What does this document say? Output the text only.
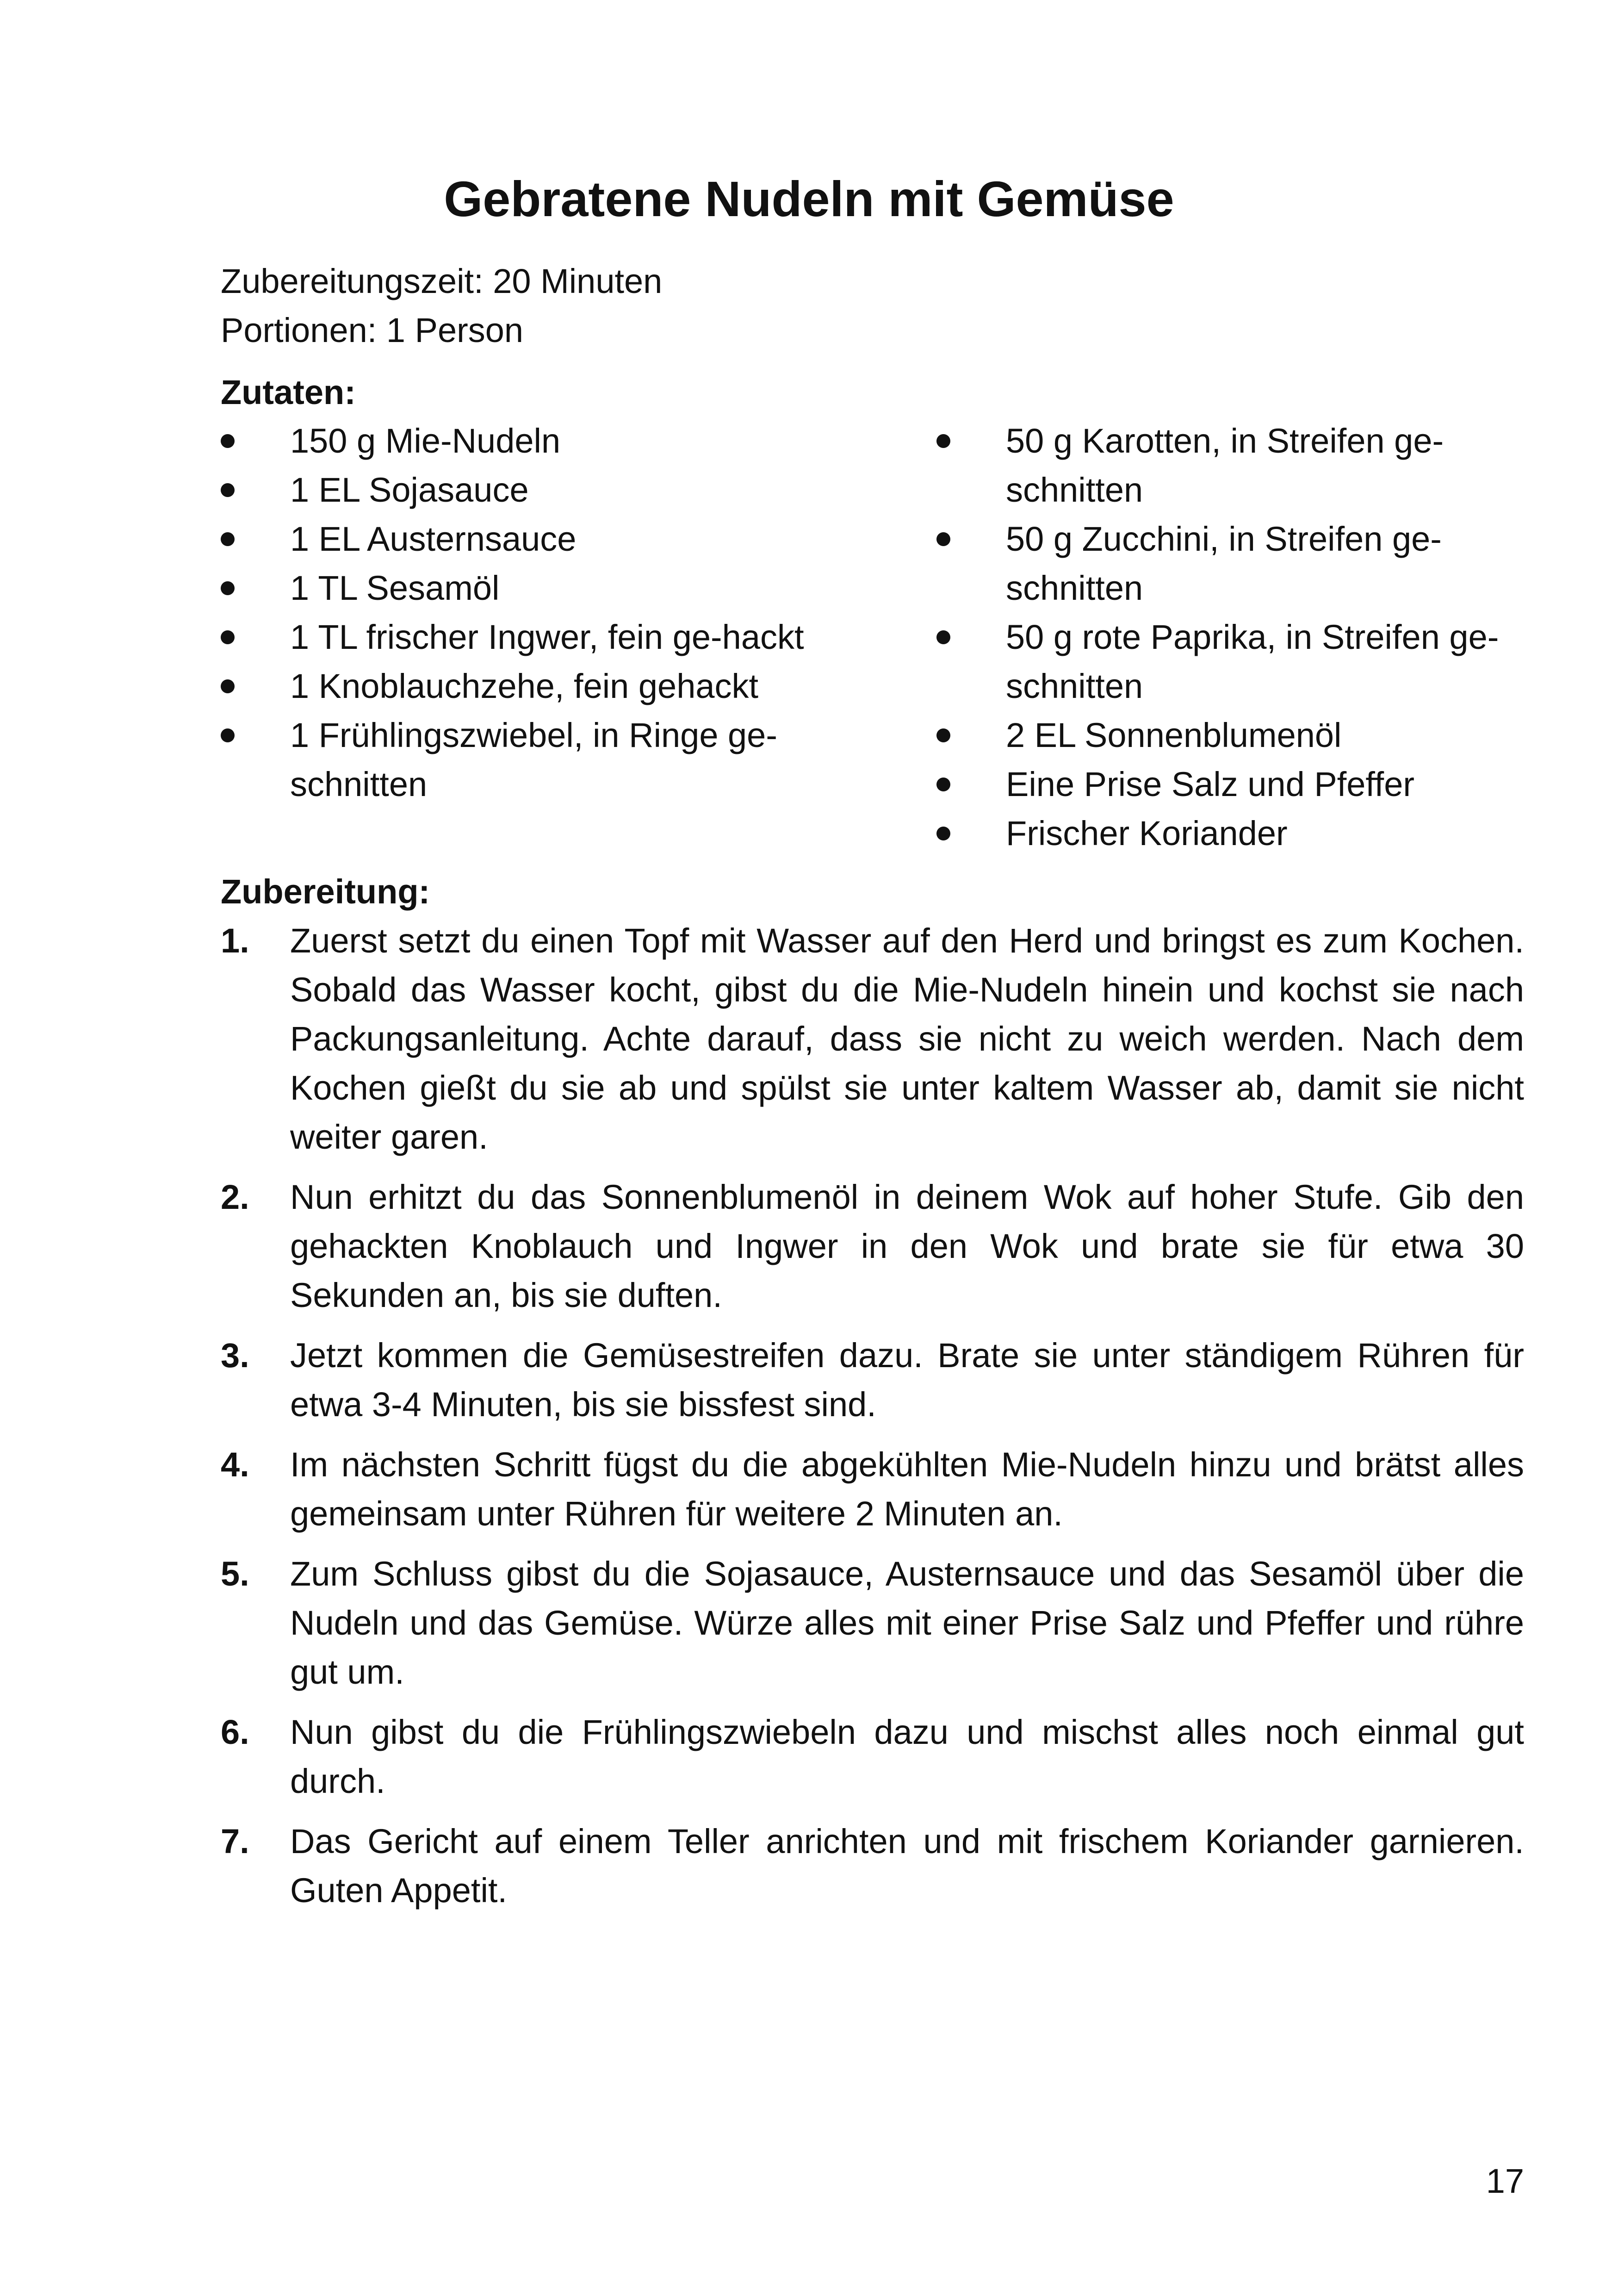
Gebratene Nudeln mit Gemüse
Zubereitungszeit: 20 Minuten
Portionen: 1 Person
Zutaten:
150 g Mie-Nudeln
1 EL Sojasauce
1 EL Austernsauce
1 TL Sesamöl
1 TL frischer Ingwer, fein ge-hackt
1 Knoblauchzehe, fein gehackt
1 Frühlingszwiebel, in Ringe ge-schnitten
50 g Karotten, in Streifen ge-schnitten
50 g Zucchini, in Streifen ge-schnitten
50 g rote Paprika, in Streifen ge-schnitten
2 EL Sonnenblumenöl
Eine Prise Salz und Pfeffer
Frischer Koriander
Zubereitung:
1. Zuerst setzt du einen Topf mit Wasser auf den Herd und bringst es zum Kochen. Sobald das Wasser kocht, gibst du die Mie-Nudeln hinein und kochst sie nach Packungsanleitung. Achte darauf, dass sie nicht zu weich werden. Nach dem Kochen gießt du sie ab und spülst sie unter kaltem Wasser ab, damit sie nicht weiter garen.
2. Nun erhitzt du das Sonnenblumenöl in deinem Wok auf hoher Stufe. Gib den gehackten Knoblauch und Ingwer in den Wok und brate sie für etwa 30 Sekunden an, bis sie duften.
3. Jetzt kommen die Gemüsestreifen dazu. Brate sie unter ständigem Rühren für etwa 3-4 Minuten, bis sie bissfest sind.
4. Im nächsten Schritt fügst du die abgekühlten Mie-Nudeln hinzu und brätst alles gemeinsam unter Rühren für weitere 2 Minuten an.
5. Zum Schluss gibst du die Sojasauce, Austernsauce und das Sesamöl über die Nudeln und das Gemüse. Würze alles mit einer Prise Salz und Pfeffer und rühre gut um.
6. Nun gibst du die Frühlingszwiebeln dazu und mischst alles noch einmal gut durch.
7. Das Gericht auf einem Teller anrichten und mit frischem Koriander garnieren. Guten Appetit.
17
